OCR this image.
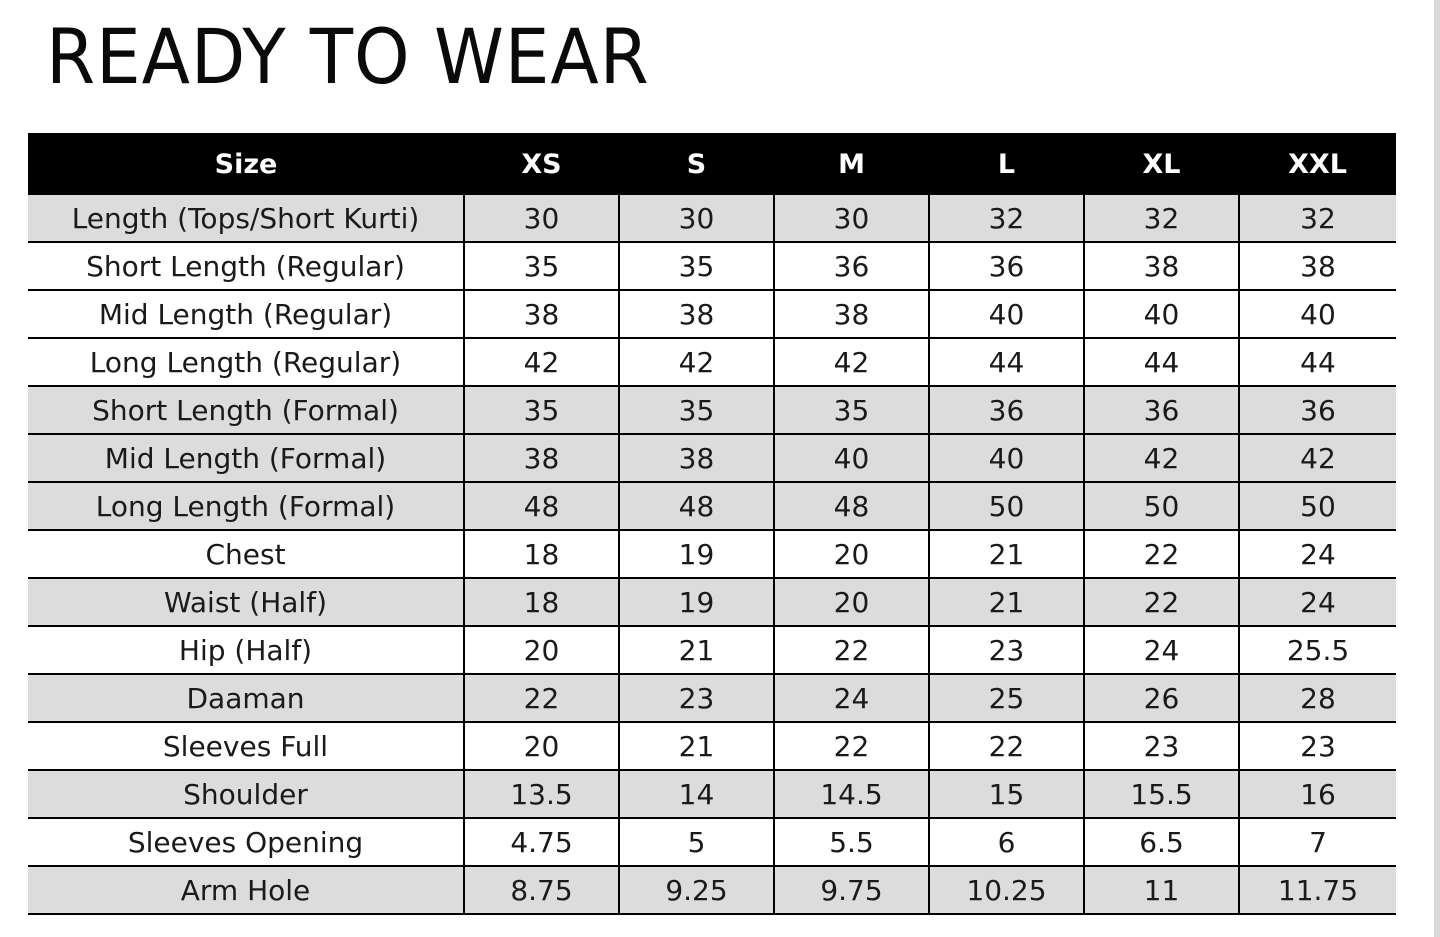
READY TO WEAR
Size	XS	S	M	L	XL	XXL
Length (Tops/Short Kurti)	30	30	30	32	32	32
Short Length (Regular)	35	35	36	36	38	38
Mid Length (Regular)	38	38	38	40	40	40
Long Length (Regular)	42	42	42	44	44	44
Short Length (Formal)	35	35	35	36	36	36
Mid Length (Formal)	38	38	40	40	42	42
Long Length (Formal)	48	48	48	50	50	50
Chest	18	19	20	21	22	24
Waist (Half)	18	19	20	21	22	24
Hip (Half)	20	21	22	23	24	25.5
Daaman	22	23	24	25	26	28
Sleeves Full	20	21	22	22	23	23
Shoulder	13.5	14	14.5	15	15.5	16
Sleeves Opening	4.75	5	5.5	6	6.5	7
Arm Hole	8.75	9.25	9.75	10.25	11	11.75
